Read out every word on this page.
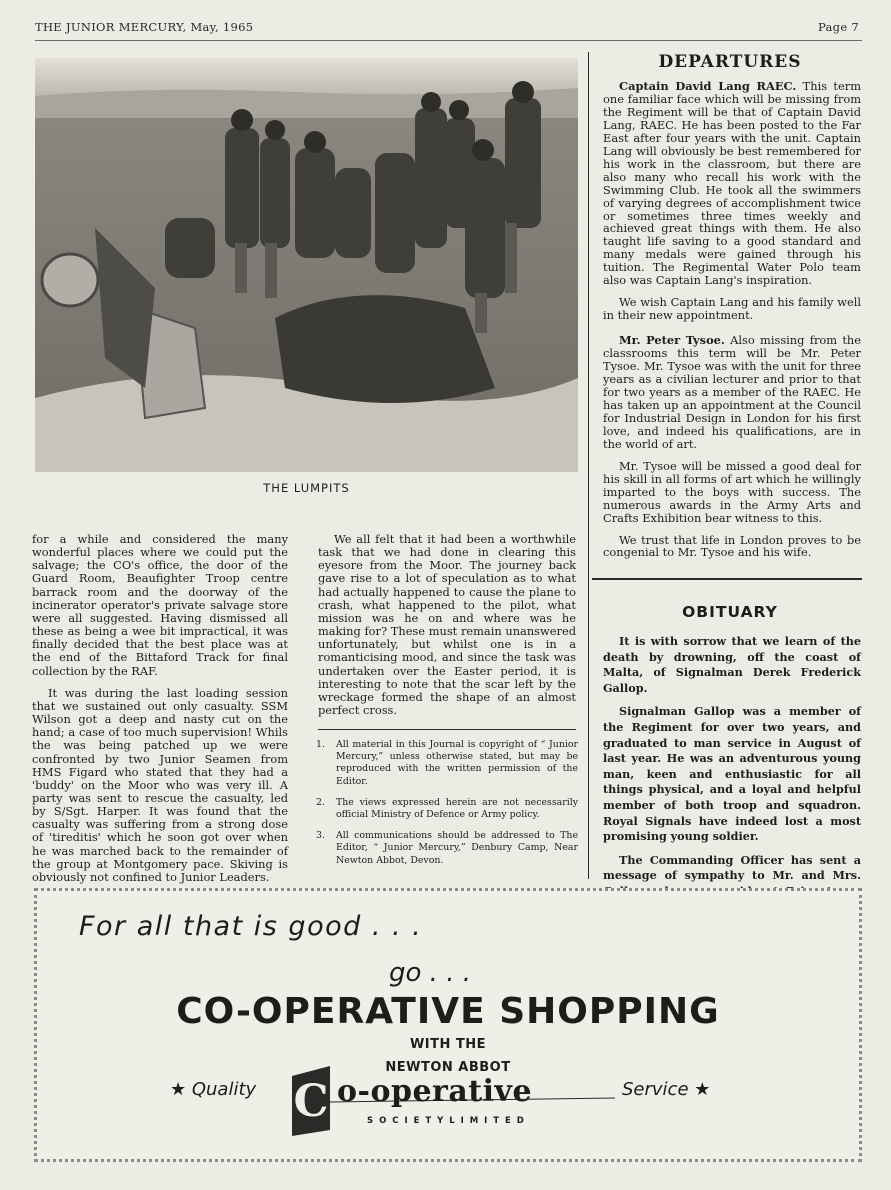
THE JUNIOR MERCURY, May, 1965	Page 7
THE LUMPITS

for a while and considered the many wonderful places where we could put the salvage; the CO's office, the door of the Guard Room, Beaufighter Troop centre barrack room and the doorway of the incinerator operator's private salvage store were all suggested. Having dismissed all these as being a wee bit impractical, it was finally decided that the best place was at the end of the Bittaford Track for final collection by the RAF.

It was during the last loading session that we sustained out only casualty. SSM Wilson got a deep and nasty cut on the hand; a case of too much supervision! Whils the was being patched up we were confronted by two Junior Seamen from HMS Figard who stated that they had a 'buddy' on the Moor who was very ill. A party was sent to rescue the casualty, led by S/Sgt. Harper. It was found that the casualty was suffering from a strong dose of 'tireditis' which he soon got over when he was marched back to the remainder of the group at Montgomery pace. Skiving is obviously not confined to Junior Leaders.

We all felt that it had been a worthwhile task that we had done in clearing this eyesore from the Moor. The journey back gave rise to a lot of speculation as to what had actually happened to cause the plane to crash, what happened to the pilot, what mission was he on and where was he making for? These must remain unanswered unfortunately, but whilst one is in a romanticising mood, and since the task was undertaken over the Easter period, it is interesting to note that the scar left by the wreckage formed the shape of an almost perfect cross.

1.	All material in this Journal is copyright of “ Junior Mercury,” unless otherwise stated, but may be reproduced with the written permission of the Editor.
2.	The views expressed herein are not necessarily official Ministry of Defence or Army policy.
3.	All communications should be addressed to The Editor, “ Junior Mercury,” Denbury Camp, Near Newton Abbot, Devon.
DEPARTURES

Captain David Lang RAEC. This term one familiar face which will be missing from the Regiment will be that of Captain David Lang, RAEC. He has been posted to the Far East after four years with the unit. Captain Lang will obviously be best remembered for his work in the classroom, but there are also many who recall his work with the Swimming Club. He took all the swimmers of varying degrees of accomplishment twice or sometimes three times weekly and achieved great things with them. He also taught life saving to a good standard and many medals were gained through his tuition. The Regimental Water Polo team also was Captain Lang's inspiration.

We wish Captain Lang and his family well in their new appointment.

Mr. Peter Tysoe. Also missing from the classrooms this term will be Mr. Peter Tysoe. Mr. Tysoe was with the unit for three years as a civilian lecturer and prior to that for two years as a member of the RAEC. He has taken up an appointment at the Council for Industrial Design in London for his first love, and indeed his qualifications, are in the world of art.

Mr. Tysoe will be missed a good deal for his skill in all forms of art which he willingly imparted to the boys with success. The numerous awards in the Army Arts and Crafts Exhibition bear witness to this.

We trust that life in London proves to be congenial to Mr. Tysoe and his wife.

OBITUARY

It is with sorrow that we learn of the death by drowning, off the coast of Malta, of Signalman Derek Frederick Gallop.

Signalman Gallop was a member of the Regiment for over two years, and graduated to man service in August of last year. He was an adventurous young man, keen and enthusiastic for all things physical, and a loyal and helpful member of both troop and squadron. Royal Signals have indeed lost a most promising young soldier.

The Commanding Officer has sent a message of sympathy to Mr. and Mrs.

For all that is good . . .
go . . .
CO-OPERATIVE SHOPPING
WITH THE
NEWTON ABBOT
★ Quality	Service ★
C o-operative
S O C I E T Y L I M I T E D
